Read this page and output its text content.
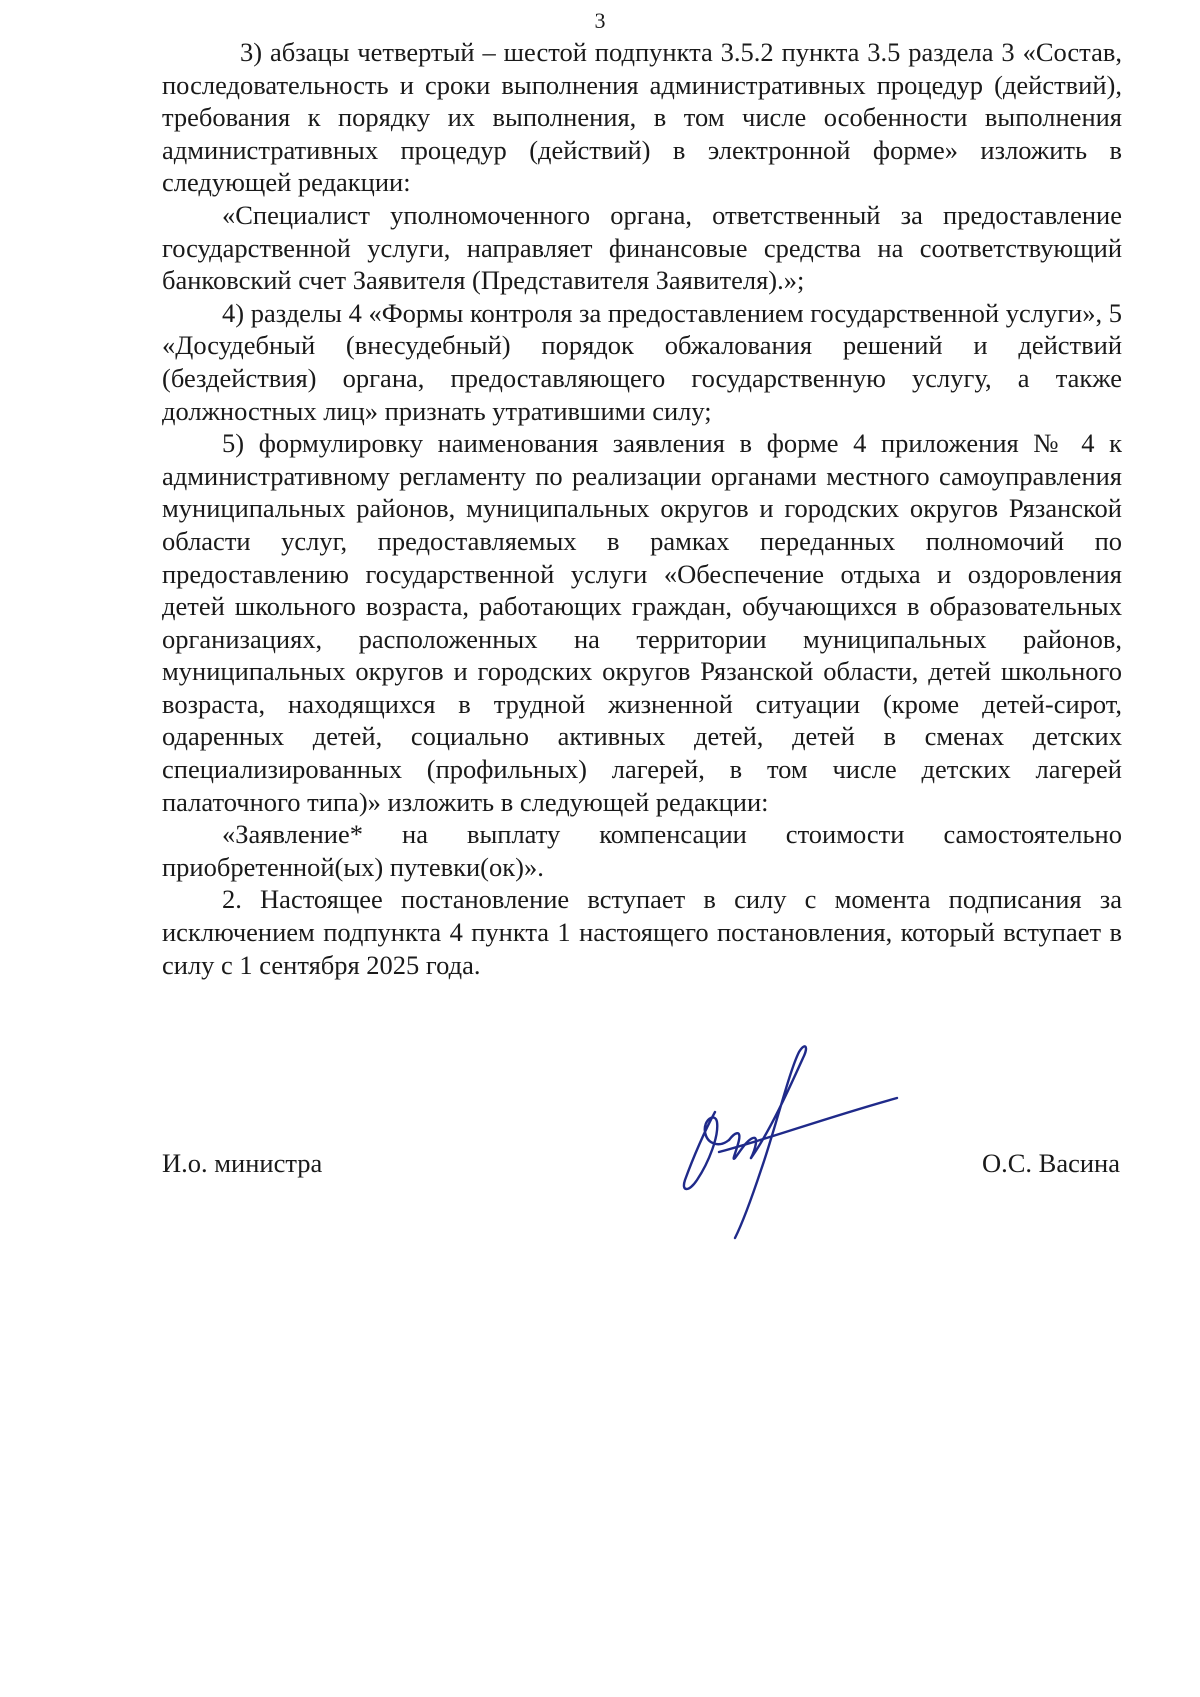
3

3) абзацы четвертый – шестой подпункта 3.5.2 пункта 3.5 раздела 3 «Состав, последовательность и сроки выполнения административных процедур (действий), требования к порядку их выполнения, в том числе особенности выполнения административных процедур (действий) в электронной форме» изложить в следующей редакции:

«Специалист уполномоченного органа, ответственный за предоставление государственной услуги, направляет финансовые средства на соответствующий банковский счет Заявителя (Представителя Заявителя).»;

4) разделы 4 «Формы контроля за предоставлением государственной услуги», 5 «Досудебный (внесудебный) порядок обжалования решений и действий (бездействия) органа, предоставляющего государственную услугу, а также должностных лиц» признать утратившими силу;

5) формулировку наименования заявления в форме 4 приложения № 4 к административному регламенту по реализации органами местного самоуправления муниципальных районов, муниципальных округов и городских округов Рязанской области услуг, предоставляемых в рамках переданных полномочий по предоставлению государственной услуги «Обеспечение отдыха и оздоровления детей школьного возраста, работающих граждан, обучающихся в образовательных организациях, расположенных на территории муниципальных районов, муниципальных округов и городских округов Рязанской области, детей школьного возраста, находящихся в трудной жизненной ситуации (кроме детей-сирот, одаренных детей, социально активных детей, детей в сменах детских специализированных (профильных) лагерей, в том числе детских лагерей палаточного типа)» изложить в следующей редакции:

«Заявление* на выплату компенсации стоимости самостоятельно приобретенной(ых) путевки(ок)».

2. Настоящее постановление вступает в силу с момента подписания за исключением подпункта 4 пункта 1 настоящего постановления, который вступает в силу с 1 сентября 2025 года.

И.о. министра	О.С. Васина
